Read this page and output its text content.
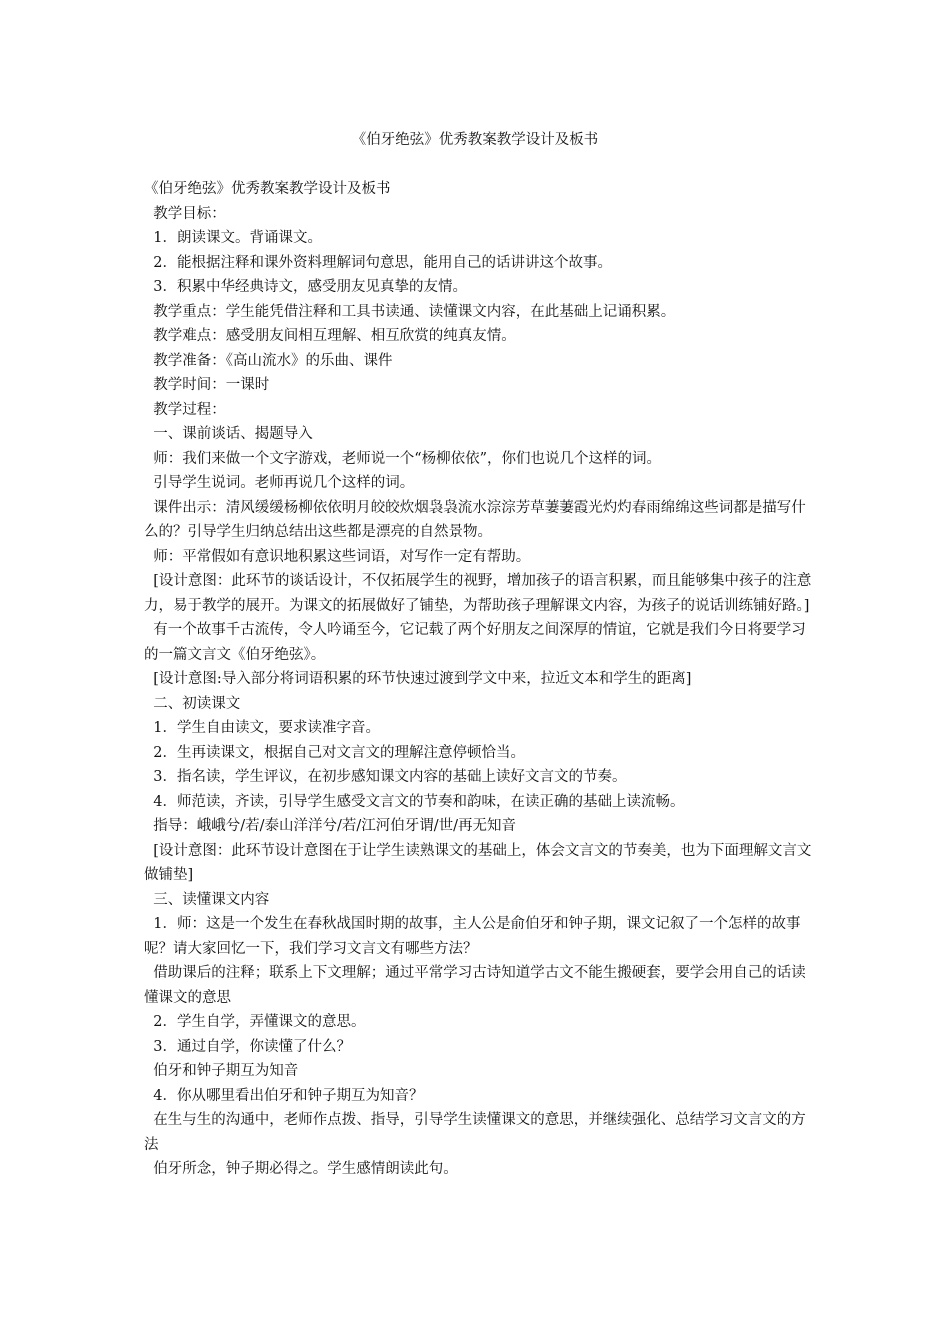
《伯牙绝弦》优秀教案教学设计及板书

《伯牙绝弦》优秀教案教学设计及板书

教学目标：

1．朗读课文。背诵课文。

2．能根据注释和课外资料理解词句意思，能用自己的话讲讲这个故事。

3．积累中华经典诗文，感受朋友见真挚的友情。

教学重点：学生能凭借注释和工具书读通、读懂课文内容，在此基础上记诵积累。

教学难点：感受朋友间相互理解、相互欣赏的纯真友情。

教学准备：《高山流水》的乐曲、课件

教学时间：一课时

教学过程：

一、课前谈话、揭题导入

师：我们来做一个文字游戏，老师说一个“杨柳依依”，你们也说几个这样的词。

引导学生说词。老师再说几个这样的词。

课件出示：清风缓缓杨柳依依明月皎皎炊烟袅袅流水淙淙芳草萋萋霞光灼灼春雨绵绵这些词都是描写什么的？引导学生归纳总结出这些都是漂亮的自然景物。

师：平常假如有意识地积累这些词语，对写作一定有帮助。

[设计意图：此环节的谈话设计，不仅拓展学生的视野，增加孩子的语言积累，而且能够集中孩子的注意力，易于教学的展开。为课文的拓展做好了铺垫，为帮助孩子理解课文内容，为孩子的说话训练铺好路。]

有一个故事千古流传，令人吟诵至今，它记载了两个好朋友之间深厚的情谊，它就是我们今日将要学习的一篇文言文《伯牙绝弦》。

[设计意图:导入部分将词语积累的环节快速过渡到学文中来，拉近文本和学生的距离]

二、初读课文

1．学生自由读文，要求读准字音。

2．生再读课文，根据自己对文言文的理解注意停顿恰当。

3．指名读，学生评议，在初步感知课文内容的基础上读好文言文的节奏。

4．师范读，齐读，引导学生感受文言文的节奏和韵味，在读正确的基础上读流畅。

指导：峨峨兮/若/泰山洋洋兮/若/江河伯牙谓/世/再无知音

[设计意图：此环节设计意图在于让学生读熟课文的基础上，体会文言文的节奏美，也为下面理解文言文做铺垫]

三、读懂课文内容

1．师：这是一个发生在春秋战国时期的故事，主人公是俞伯牙和钟子期，课文记叙了一个怎样的故事呢？请大家回忆一下，我们学习文言文有哪些方法？

借助课后的注释；联系上下文理解；通过平常学习古诗知道学古文不能生搬硬套，要学会用自己的话读懂课文的意思

2．学生自学，弄懂课文的意思。

3．通过自学，你读懂了什么？

伯牙和钟子期互为知音

4．你从哪里看出伯牙和钟子期互为知音？

在生与生的沟通中，老师作点拨、指导，引导学生读懂课文的意思，并继续强化、总结学习文言文的方法

伯牙所念，钟子期必得之。学生感情朗读此句。
